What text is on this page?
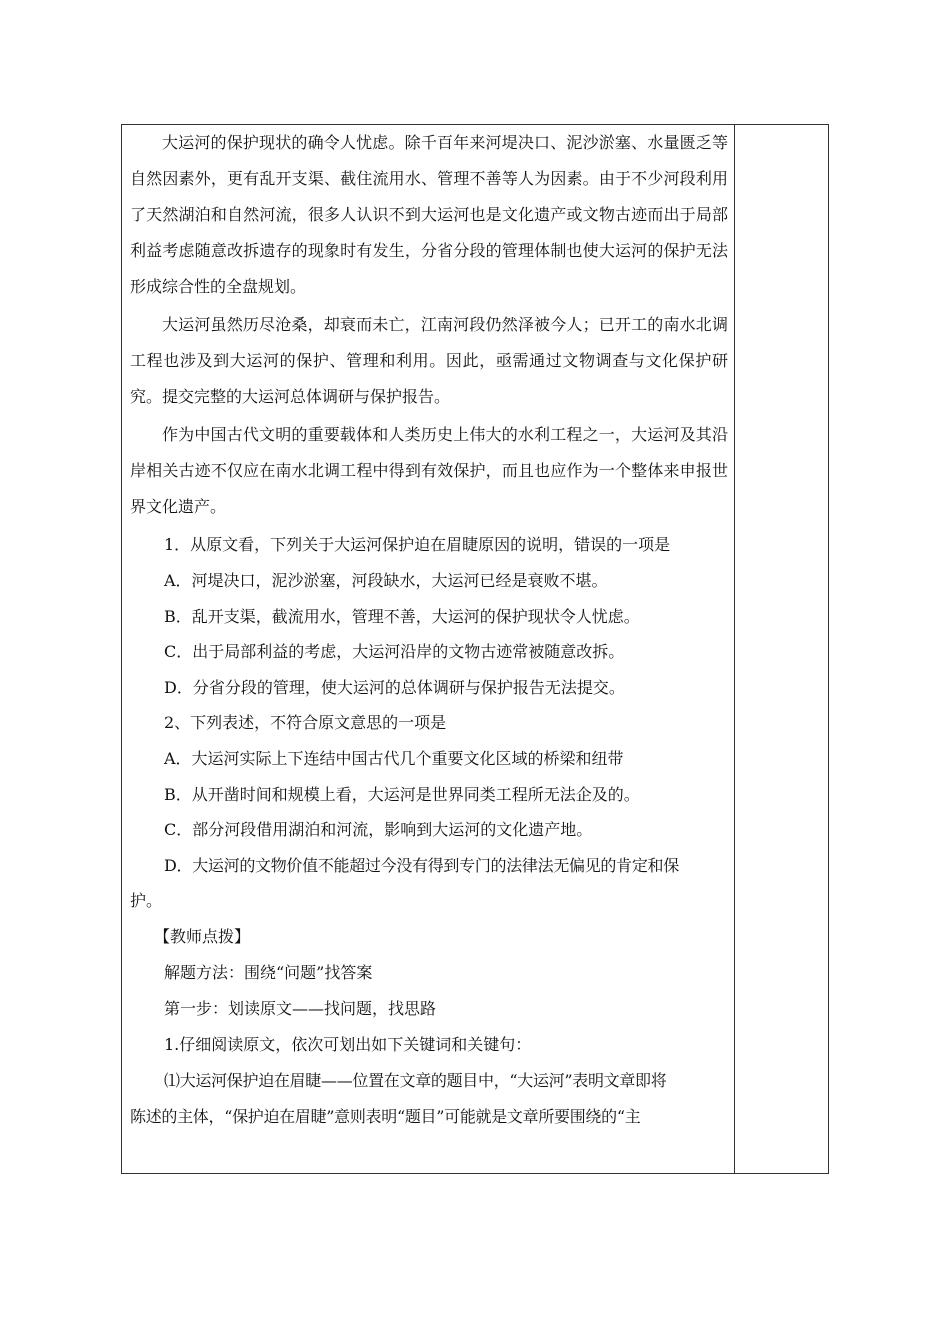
大运河的保护现状的确令人忧虑。除千百年来河堤决口、泥沙淤塞、水量匮乏等自然因素外，更有乱开支渠、截住流用水、管理不善等人为因素。由于不少河段利用了天然湖泊和自然河流，很多人认识不到大运河也是文化遗产或文物古迹而出于局部利益考虑随意改拆遗存的现象时有发生，分省分段的管理体制也使大运河的保护无法形成综合性的全盘规划。

大运河虽然历尽沧桑，却衰而未亡，江南河段仍然泽被今人；已开工的南水北调工程也涉及到大运河的保护、管理和利用。因此，亟需通过文物调查与文化保护研究。提交完整的大运河总体调研与保护报告。

作为中国古代文明的重要载体和人类历史上伟大的水利工程之一，大运河及其沿岸相关古迹不仅应在南水北调工程中得到有效保护，而且也应作为一个整体来申报世界文化遗产。

1．从原文看，下列关于大运河保护迫在眉睫原因的说明，错误的一项是

A．河堤决口，泥沙淤塞，河段缺水，大运河已经是衰败不堪。

B．乱开支渠，截流用水，管理不善，大运河的保护现状令人忧虑。

C．出于局部利益的考虑，大运河沿岸的文物古迹常被随意改拆。

D．分省分段的管理，使大运河的总体调研与保护报告无法提交。

2、下列表述，不符合原文意思的一项是

A．大运河实际上下连结中国古代几个重要文化区域的桥梁和纽带

B．从开凿时间和规模上看，大运河是世界同类工程所无法企及的。

C．部分河段借用湖泊和河流，影响到大运河的文化遗产地。

D．大运河的文物价值不能超过今没有得到专门的法律法无偏见的肯定和保

护。

【教师点拨】

解题方法：围绕“问题”找答案

第一步：划读原文——找问题，找思路

1.仔细阅读原文，依次可划出如下关键词和关键句：

⑴大运河保护迫在眉睫——位置在文章的题目中，“大运河”表明文章即将

陈述的主体，“保护迫在眉睫”意则表明“题目”可能就是文章所要围绕的“主
